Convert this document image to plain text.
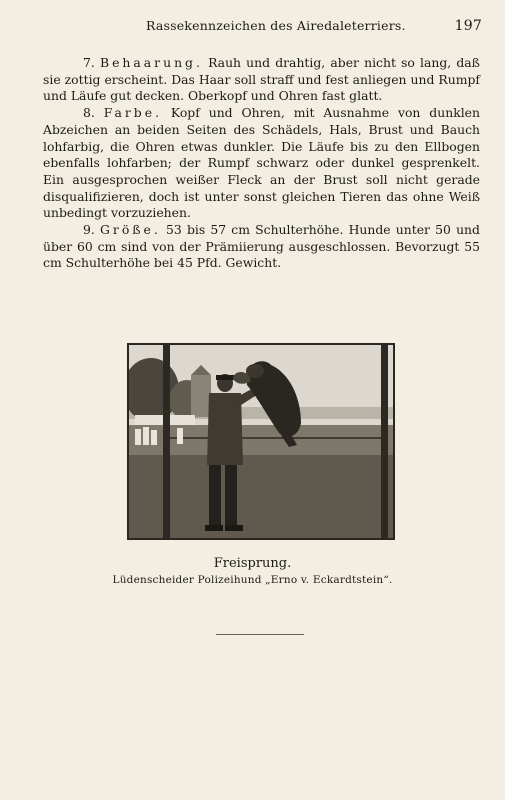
Rassekennzeichen des Airedaleterriers.	197

7. Behaarung. Rauh und drahtig, aber nicht so lang, daß sie zottig erscheint. Das Haar soll straff und fest anliegen und Rumpf und Läufe gut decken. Oberkopf und Ohren fast glatt.

8. Farbe. Kopf und Ohren, mit Ausnahme von dunklen Abzeichen an beiden Seiten des Schädels, Hals, Brust und Bauch lohfarbig, die Ohren etwas dunkler. Die Läufe bis zu den Ellbogen ebenfalls lohfarben; der Rumpf schwarz oder dunkel gesprenkelt. Ein ausgesprochen weißer Fleck an der Brust soll nicht gerade disqualifizieren, doch ist unter sonst gleichen Tieren das ohne Weiß unbedingt vorzuziehen.

9. Größe. 53 bis 57 cm Schulterhöhe. Hunde unter 50 und über 60 cm sind von der Prämiierung ausgeschlossen. Bevorzugt 55 cm Schulterhöhe bei 45 Pfd. Gewicht.

Freisprung.
Lüdenscheider Polizeihund „Erno v. Eckardtstein“.
